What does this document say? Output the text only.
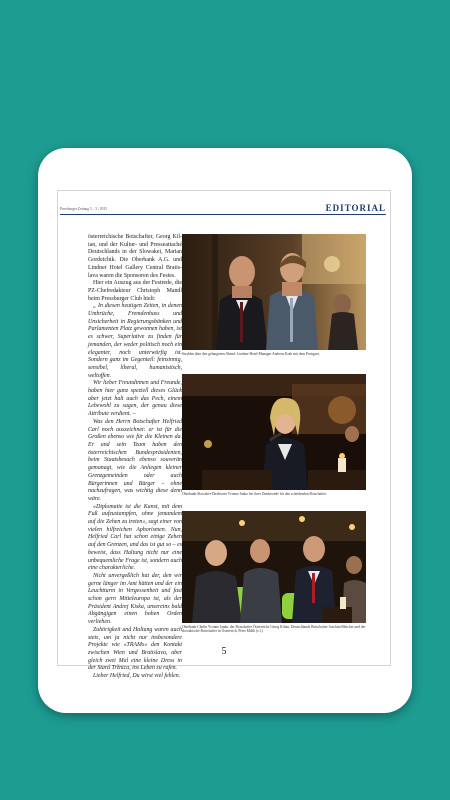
Pressburger Zeitung 5 – 3 / 2015	EDITORIAL

österreichische Botschafter, Georg Kil-ian, und der Kultur- und Presseattaché Deutschlands in der Slowakei, Marian Gordeichik. Die Oberbank A.G. und Lindner Hotel Gallery Central Bratis-lava waren die Sponsoren des Festes.

Hier ein Auszug aus der Festrede, die PZ-Chefredakteur Christoph Mandl beim Pressburger Club hielt:

„ In diesen heutigen Zeiten, in denen Umbrüche, Fremdenhass und Unsicherheit in Regierungsbänken und Parlamenten Platz gewonnen haben, ist es schwer, Superlative zu finden für jemanden, der weder politisch noch ein eleganter, noch unterwürfig ist. Sondern ganz im Gegenteil: feinsinnig, sensibel, liberal, humanistisch, weltoffen.

Wir lieber Freundinnen und Freunde, haben hier ganz speziell dieses Glück aber jetzt halt auch das Pech, einem Lebewohl zu sagen, der genau diese Attribute verdient. –

Was den Herrn Botschafter Helfried Carl noch auszeichnet: er ist für die Großen ebenso wie für die Kleinen da. Er und sein Team haben den österreichischen Bundespräsidenten, beim Staatsbesuch ebenso souverän gemanagt, wie die Anliegen kleiner Grenzgemeinden oder auch Bürgerinnen und Bürger – ohne nachzufragen, was wichtig diese denn wäre.

«Diplomatie ist die Kunst, mit dem Fuß aufzustampfen, ohne jemandem auf die Zehen zu treten», sagt einer von vielen hilfreichen Aphorismen. Nun, Helfried Carl hat schon einige Zehen auf den Grenzen, und das ist gut so – es beweist, dass Haltung nicht nur eine unbequemliche Frage ist, sondern auch eine charakterliche.

Nicht unvergeßlich hat der, den wir gerne länger im Amt hätten und der ein Leuchtturm in Vergessenheit und fast schon gern Mitteleuropa ist, als der Präsident Andrej Kiska, unsereins bald Abgängigen einen hohen Orden verliehen.

Zuhörigkeit und Haltung waren auch stets, um ja nicht nur insbesondere Projekte wie «TRAMs» den Kontakt zwischen Wien und Bratislava, aber gleich zwei Mal eine kleine Dress in der Stará Tržnica, ins Leben zu rufen.

Lieber Helfried, Du wirst viel fehlen.

Strahlen über den gelungenen Abend: Lindner-Hotel-Manager Andreas Krah mit dem Preisgast.
Oberbank-Slowakei-Direktorin Yvonne Janko bei ihrer Dankesrede für den scheidenden Botschafter.
Oberbank-Chefin Yvonne Janko, der Botschafter Österreichs Georg Kilian, Deutschlands Botschafter Joachim Bleicker und der slowakische Botschafter in Österreich, Peter Mišík (v.l.)
5
